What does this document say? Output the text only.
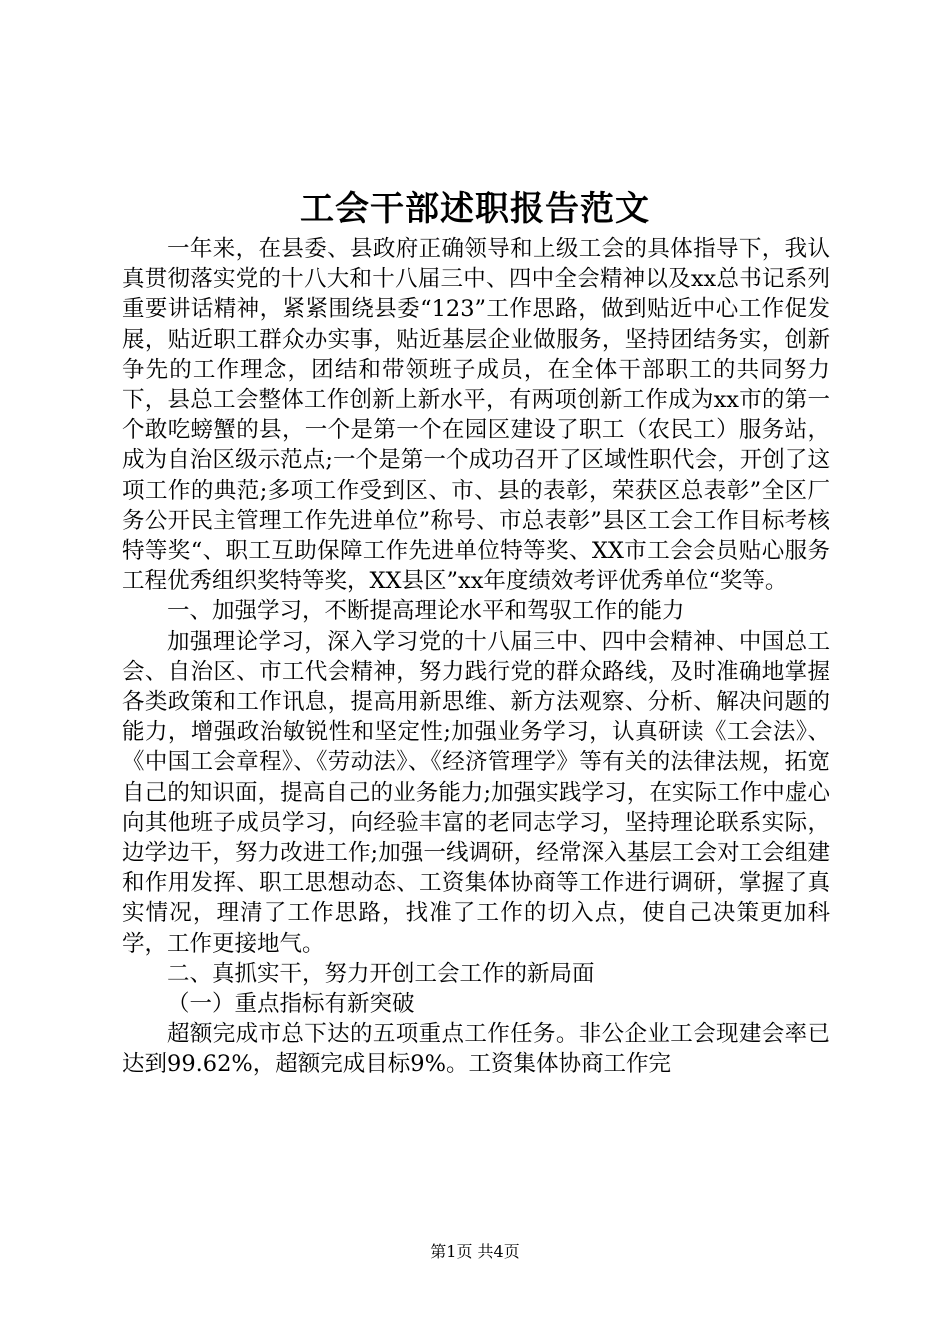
工会干部述职报告范文

一年来，在县委、县政府正确领导和上级工会的具体指导下，我认真贯彻落实党的十八大和十八届三中、四中全会精神以及xx总书记系列重要讲话精神，紧紧围绕县委“123”工作思路，做到贴近中心工作促发展，贴近职工群众办实事，贴近基层企业做服务，坚持团结务实，创新争先的工作理念，团结和带领班子成员，在全体干部职工的共同努力下，县总工会整体工作创新上新水平，有两项创新工作成为xx市的第一个敢吃螃蟹的县，一个是第一个在园区建设了职工（农民工）服务站，成为自治区级示范点;一个是第一个成功召开了区域性职代会，开创了这项工作的典范;多项工作受到区、市、县的表彰，荣获区总表彰”全区厂务公开民主管理工作先进单位”称号、市总表彰”县区工会工作目标考核特等奖“、职工互助保障工作先进单位特等奖、XX市工会会员贴心服务工程优秀组织奖特等奖，XX县区”xx年度绩效考评优秀单位“奖等。

一、加强学习，不断提高理论水平和驾驭工作的能力

加强理论学习，深入学习党的十八届三中、四中会精神、中国总工会、自治区、市工代会精神，努力践行党的群众路线，及时准确地掌握各类政策和工作讯息，提高用新思维、新方法观察、分析、解决问题的能力，增强政治敏锐性和坚定性;加强业务学习，认真研读《工会法》、《中国工会章程》、《劳动法》、《经济管理学》等有关的法律法规，拓宽自己的知识面，提高自己的业务能力;加强实践学习，在实际工作中虚心向其他班子成员学习，向经验丰富的老同志学习，坚持理论联系实际，边学边干，努力改进工作;加强一线调研，经常深入基层工会对工会组建和作用发挥、职工思想动态、工资集体协商等工作进行调研，掌握了真实情况，理清了工作思路，找准了工作的切入点，使自己决策更加科学，工作更接地气。

二、真抓实干，努力开创工会工作的新局面

（一）重点指标有新突破

超额完成市总下达的五项重点工作任务。非公企业工会现建会率已达到99.62%，超额完成目标9%。工资集体协商工作完

第1页 共4页
